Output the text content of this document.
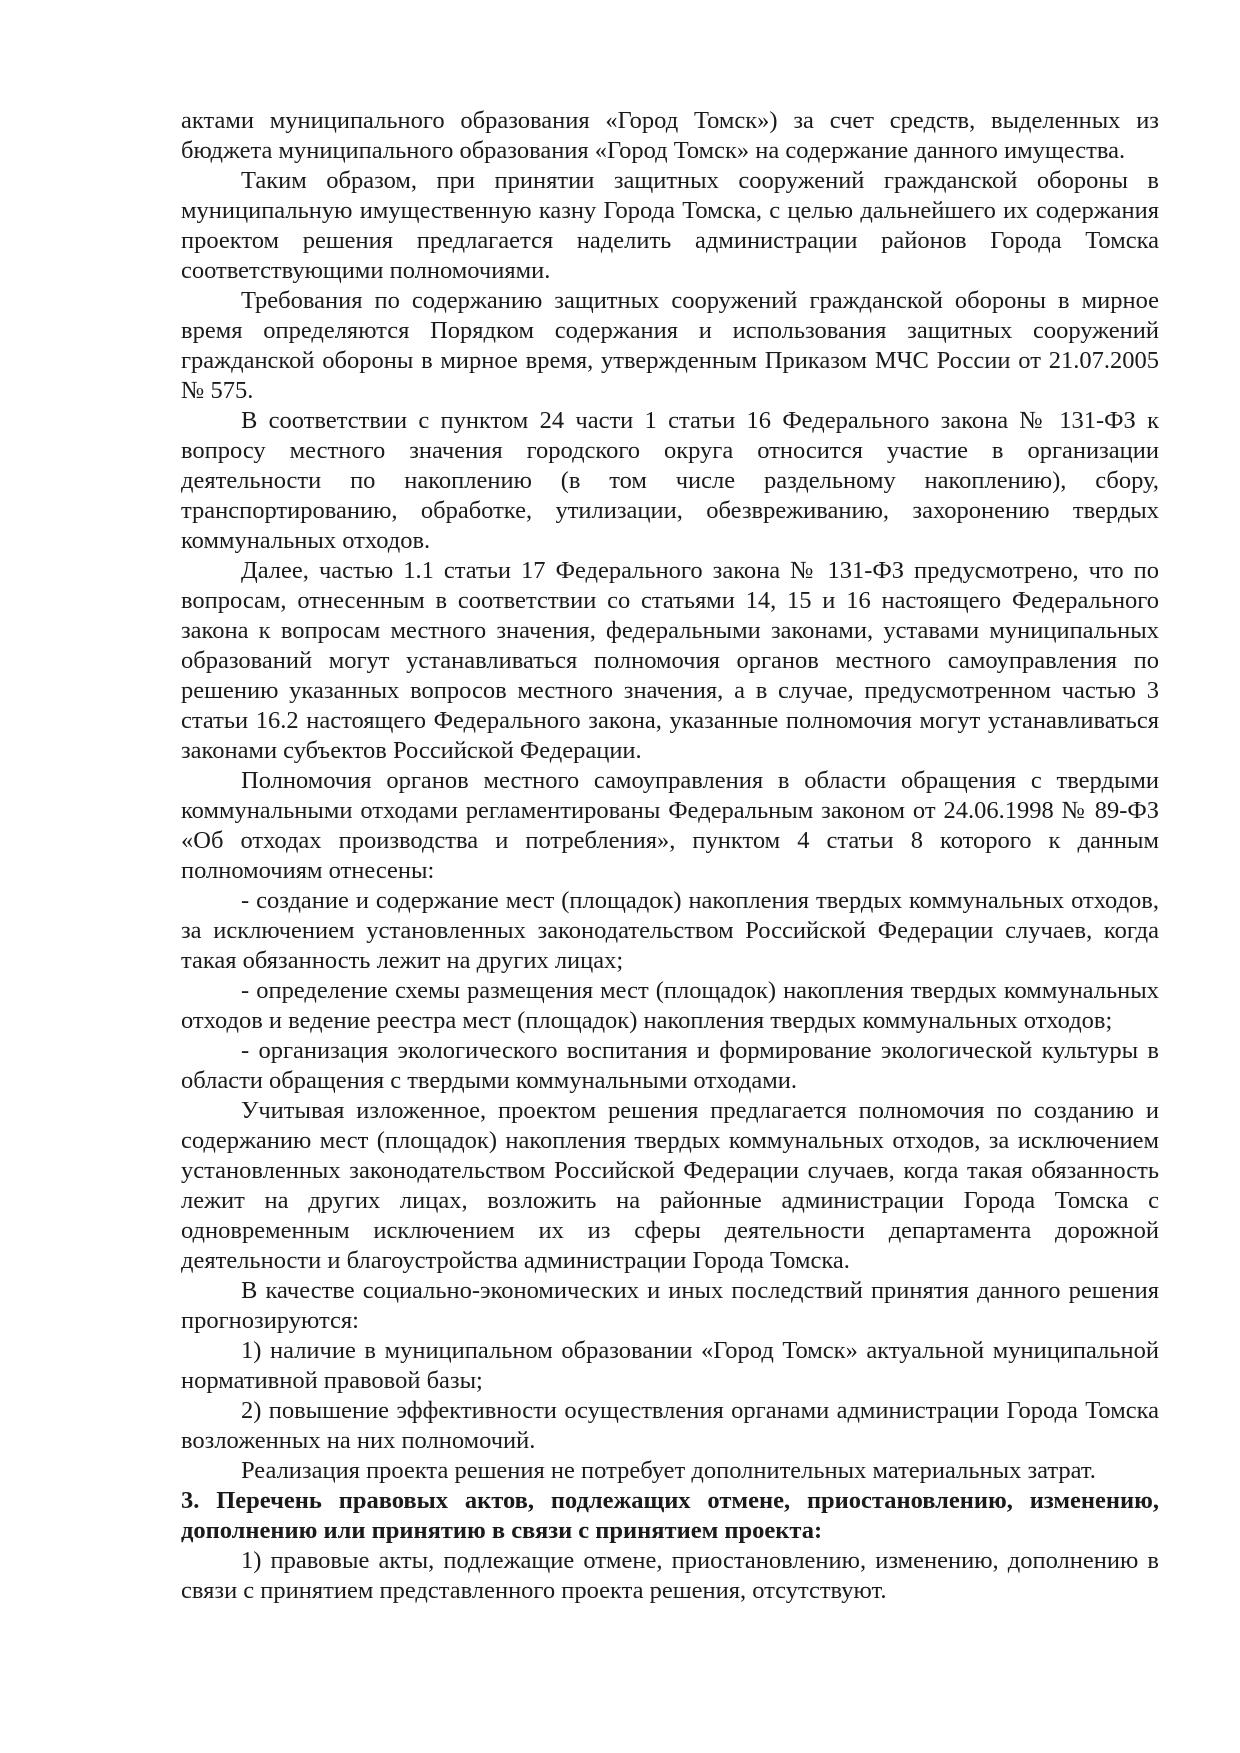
актами муниципального образования «Город Томск») за счет средств, выделенных из бюджета муниципального образования «Город Томск» на содержание данного имущества.

Таким образом, при принятии защитных сооружений гражданской обороны в муниципальную имущественную казну Города Томска, с целью дальнейшего их содержания проектом решения предлагается наделить администрации районов Города Томска соответствующими полномочиями.

Требования по содержанию защитных сооружений гражданской обороны в мирное время определяются Порядком содержания и использования защитных сооружений гражданской обороны в мирное время, утвержденным Приказом МЧС России от 21.07.2005 № 575.

В соответствии с пунктом 24 части 1 статьи 16 Федерального закона № 131-ФЗ к вопросу местного значения городского округа относится участие в организации деятельности по накоплению (в том числе раздельному накоплению), сбору, транспортированию, обработке, утилизации, обезвреживанию, захоронению твердых коммунальных отходов.

Далее, частью 1.1 статьи 17 Федерального закона № 131-ФЗ предусмотрено, что по вопросам, отнесенным в соответствии со статьями 14, 15 и 16 настоящего Федерального закона к вопросам местного значения, федеральными законами, уставами муниципальных образований могут устанавливаться полномочия органов местного самоуправления по решению указанных вопросов местного значения, а в случае, предусмотренном частью 3 статьи 16.2 настоящего Федерального закона, указанные полномочия могут устанавливаться законами субъектов Российской Федерации.

Полномочия органов местного самоуправления в области обращения с твердыми коммунальными отходами регламентированы Федеральным законом от 24.06.1998 № 89-ФЗ «Об отходах производства и потребления», пунктом 4 статьи 8 которого к данным полномочиям отнесены:

- создание и содержание мест (площадок) накопления твердых коммунальных отходов, за исключением установленных законодательством Российской Федерации случаев, когда такая обязанность лежит на других лицах;

- определение схемы размещения мест (площадок) накопления твердых коммунальных отходов и ведение реестра мест (площадок) накопления твердых коммунальных отходов;

- организация экологического воспитания и формирование экологической культуры в области обращения с твердыми коммунальными отходами.

Учитывая изложенное, проектом решения предлагается полномочия по созданию и содержанию мест (площадок) накопления твердых коммунальных отходов, за исключением установленных законодательством Российской Федерации случаев, когда такая обязанность лежит на других лицах, возложить на районные администрации Города Томска с одновременным исключением их из сферы деятельности департамента дорожной деятельности и благоустройства администрации Города Томска.

В качестве социально-экономических и иных последствий принятия данного решения прогнозируются:

1) наличие в муниципальном образовании «Город Томск» актуальной муниципальной нормативной правовой базы;

2) повышение эффективности осуществления органами администрации Города Томска возложенных на них полномочий.

Реализация проекта решения не потребует дополнительных материальных затрат.

3. Перечень правовых актов, подлежащих отмене, приостановлению, изменению, дополнению или принятию в связи с принятием проекта:

1) правовые акты, подлежащие отмене, приостановлению, изменению, дополнению в связи с принятием представленного проекта решения, отсутствуют.
